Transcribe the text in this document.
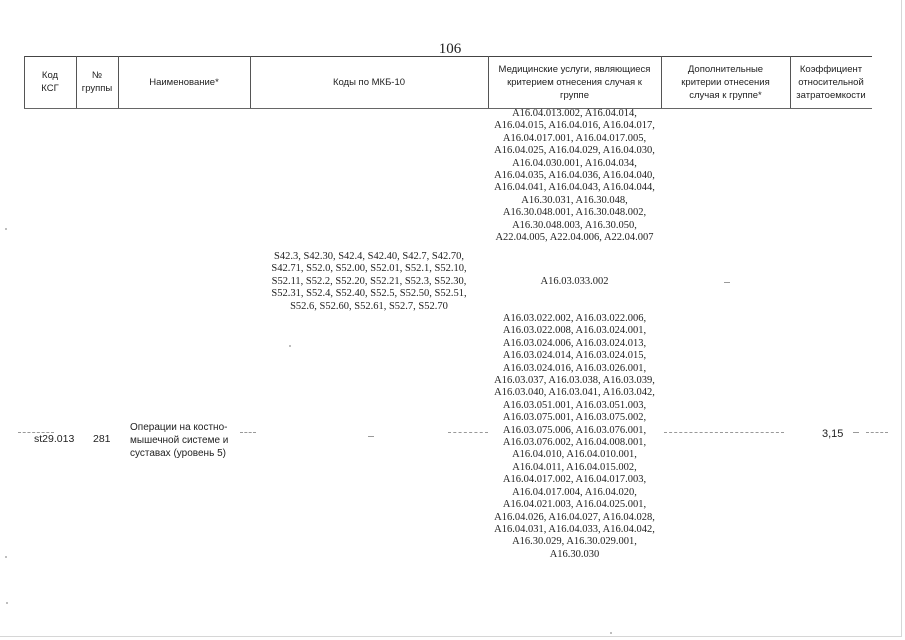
106
Код КСГ
№ группы
Наименование*	Коды по МКБ-10
Медицинские услуги, являющиеся критерием отнесения случая к группе
Дополнительные критерии отнесения случая к группе*
Коэффициент относительной затратоемкости
A16.04.013.002, A16.04.014,
A16.04.015, A16.04.016, A16.04.017,
A16.04.017.001, A16.04.017.005,
A16.04.025, A16.04.029, A16.04.030,
A16.04.030.001, A16.04.034,
A16.04.035, A16.04.036, A16.04.040,
A16.04.041, A16.04.043, A16.04.044,
A16.30.031, A16.30.048,
A16.30.048.001, A16.30.048.002,
A16.30.048.003, A16.30.050,
A22.04.005, A22.04.006, A22.04.007
S42.3, S42.30, S42.4, S42.40, S42.7, S42.70,
S42.71, S52.0, S52.00, S52.01, S52.1, S52.10,
S52.11, S52.2, S52.20, S52.21, S52.3, S52.30,
S52.31, S52.4, S52.40, S52.5, S52.50, S52.51,
S52.6, S52.60, S52.61, S52.7, S52.70
A16.03.033.002
A16.03.022.002, A16.03.022.006,
A16.03.022.008, A16.03.024.001,
A16.03.024.006, A16.03.024.013,
A16.03.024.014, A16.03.024.015,
A16.03.024.016, A16.03.026.001,
A16.03.037, A16.03.038, A16.03.039,
A16.03.040, A16.03.041, A16.03.042,
A16.03.051.001, A16.03.051.003,
A16.03.075.001, A16.03.075.002,
A16.03.075.006, A16.03.076.001,
A16.03.076.002, A16.04.008.001,
A16.04.010, A16.04.010.001,
A16.04.011, A16.04.015.002,
A16.04.017.002, A16.04.017.003,
A16.04.017.004, A16.04.020,
A16.04.021.003, A16.04.025.001,
A16.04.026, A16.04.027, A16.04.028,
A16.04.031, A16.04.033, A16.04.042,
A16.30.029, A16.30.029.001,
A16.30.030
st29.013 281
Операции на костно-
мышечной системе и
суставах (уровень 5)
3,15
